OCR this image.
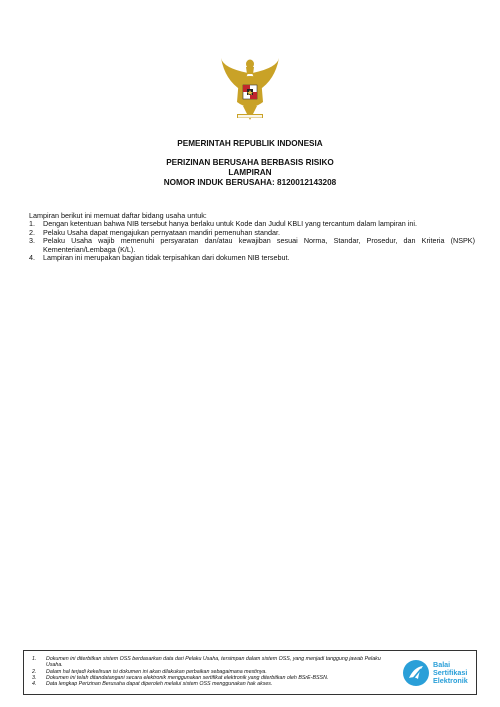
PEMERINTAH REPUBLIK INDONESIA
PERIZINAN BERUSAHA BERBASIS RISIKO
LAMPIRAN
NOMOR INDUK BERUSAHA: 8120012143208
Lampiran berikut ini memuat daftar bidang usaha untuk:
1. Dengan ketentuan bahwa NIB tersebut hanya berlaku untuk Kode dan Judul KBLI yang tercantum dalam lampiran ini.
2. Pelaku Usaha dapat mengajukan pernyataan mandiri pemenuhan standar.
3. Pelaku Usaha wajib memenuhi persyaratan dan/atau kewajiban sesuai Norma, Standar, Prosedur, dan Kriteria (NSPK) Kementerian/Lembaga (K/L).
4. Lampiran ini merupakan bagian tidak terpisahkan dari dokumen NIB tersebut.
1. Dokumen ini diterbitkan sistem OSS berdasarkan data dari Pelaku Usaha, tersimpan dalam sistem OSS, yang menjadi tanggung jawab Pelaku Usaha.
2. Dalam hal terjadi kekeliruan isi dokumen ini akan dilakukan perbaikan sebagaimana mestinya.
3. Dokumen ini telah ditandatangani secara elektronik menggunakan sertifikat elektronik yang diterbitkan oleh BSrE-BSSN.
4. Data lengkap Perizinan Berusaha dapat diperoleh melalui sistem OSS menggunakan hak akses.
Balai
Sertifikasi
Elektronik
